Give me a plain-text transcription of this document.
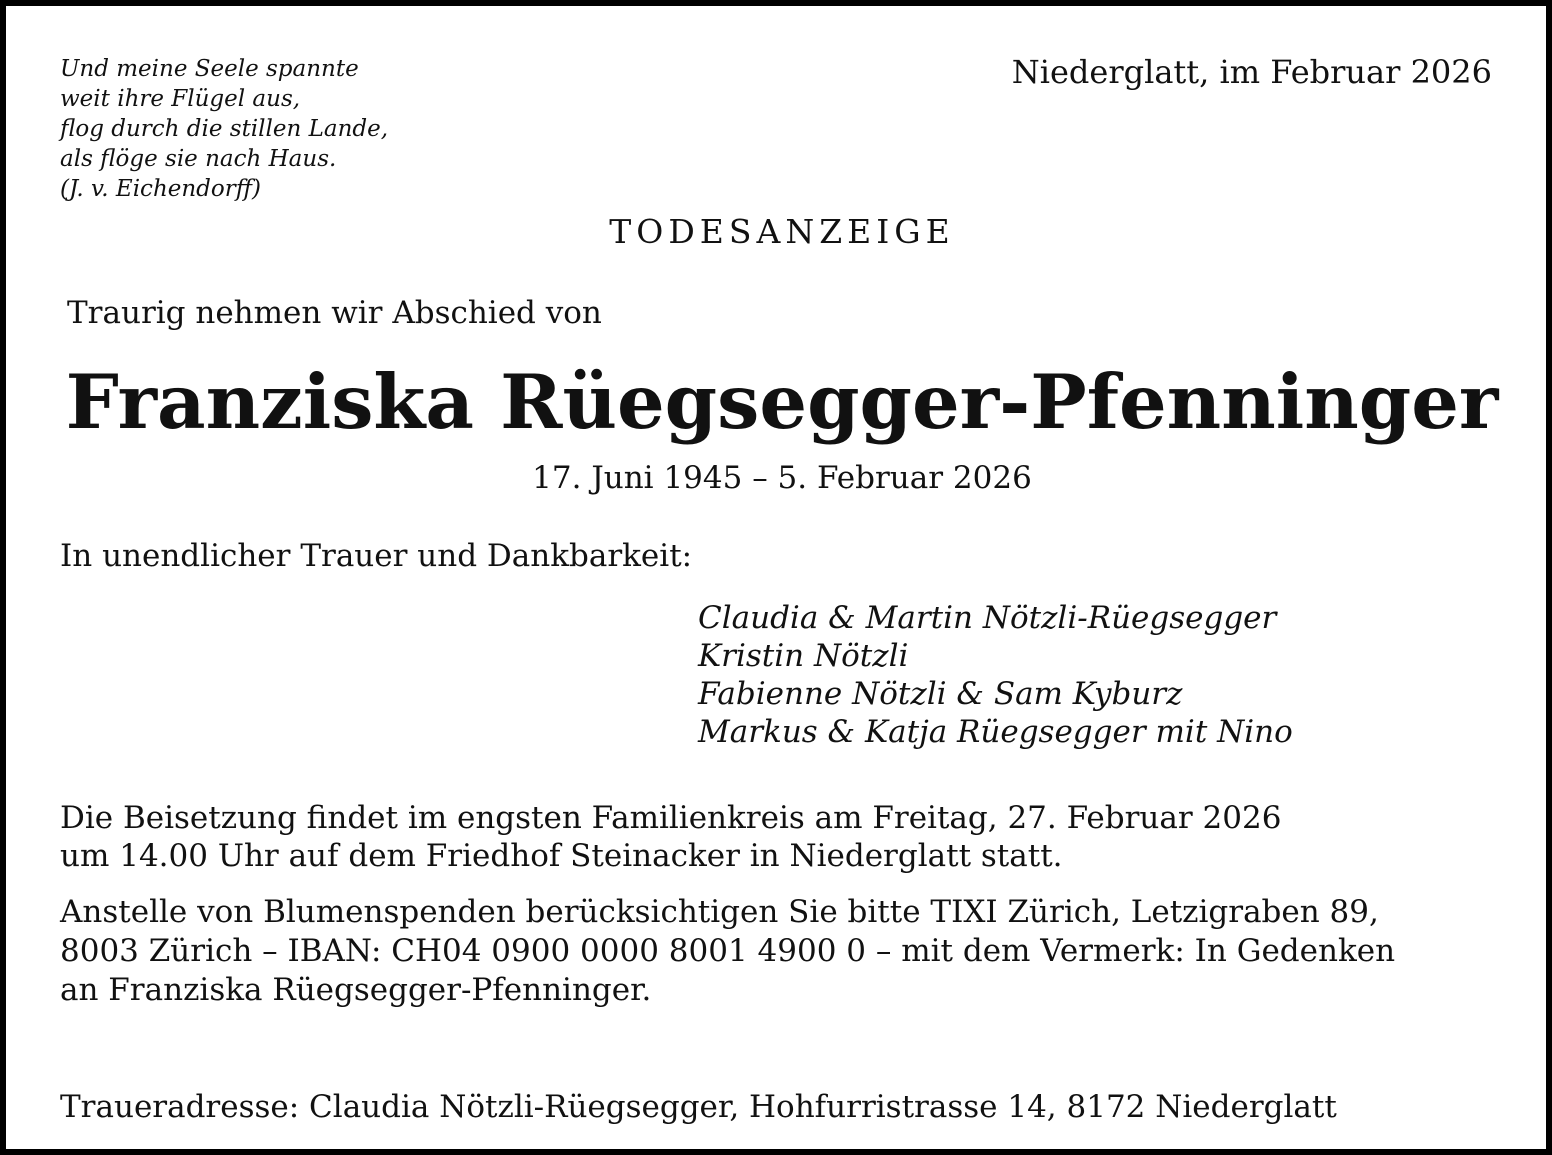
Und meine Seele spannte
weit ihre Flügel aus,
flog durch die stillen Lande,
als flöge sie nach Haus.
(J. v. Eichendorff)
Niederglatt, im Februar 2026
TODESANZEIGE
Traurig nehmen wir Abschied von
Franziska Rüegsegger-Pfenninger
17. Juni 1945 – 5. Februar 2026
In unendlicher Trauer und Dankbarkeit:
Claudia & Martin Nötzli-Rüegsegger
Kristin Nötzli
Fabienne Nötzli & Sam Kyburz
Markus & Katja Rüegsegger mit Nino

Die Beisetzung findet im engsten Familienkreis am Freitag, 27. Februar 2026
um 14.00 Uhr auf dem Friedhof Steinacker in Niederglatt statt.

Anstelle von Blumenspenden berücksichtigen Sie bitte TIXI Zürich, Letzigraben 89,
8003 Zürich – IBAN: CH04 0900 0000 8001 4900 0 – mit dem Vermerk: In Gedenken
an Franziska Rüegsegger-Pfenninger.

Traueradresse: Claudia Nötzli-Rüegsegger, Hohfurristrasse 14, 8172 Niederglatt
